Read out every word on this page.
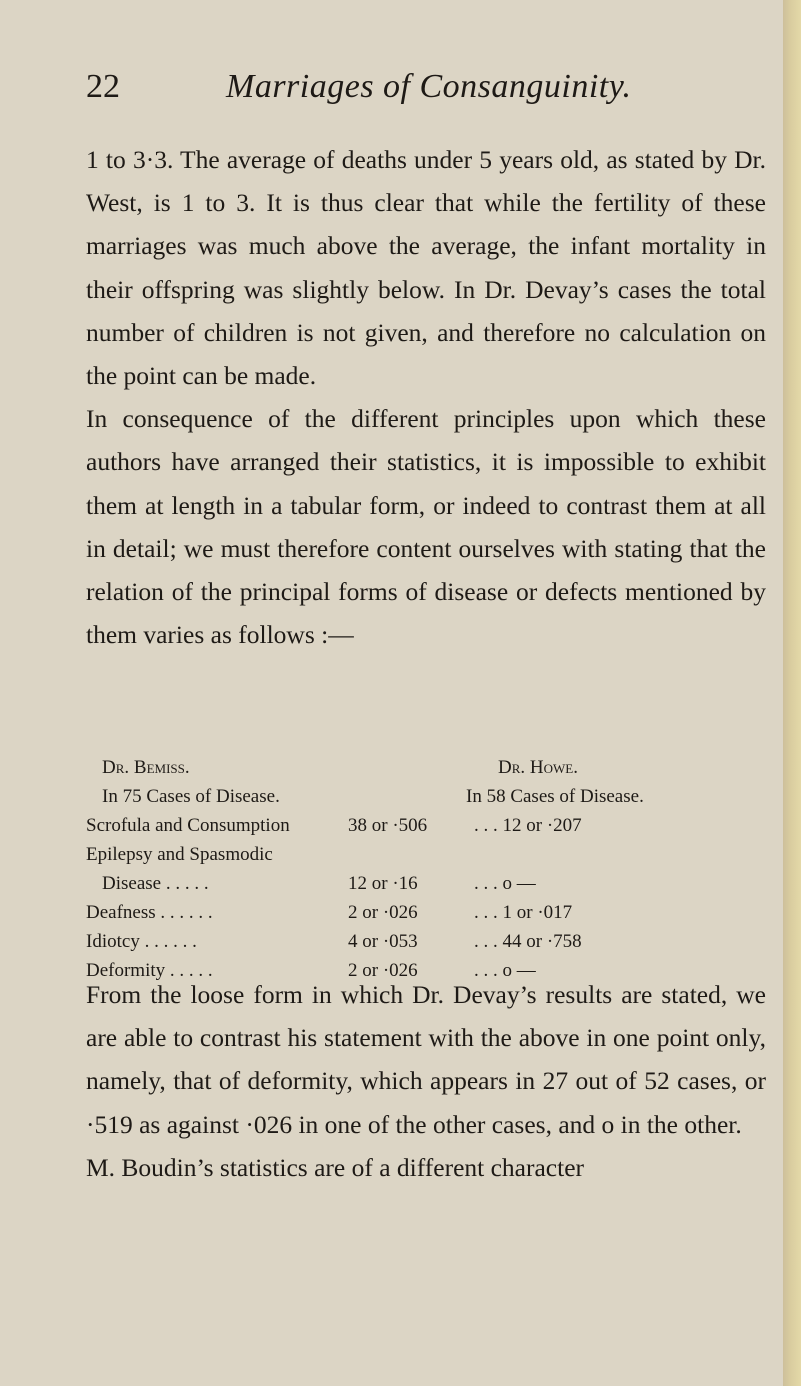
22	Marriages of Consanguinity.

1 to 3·3. The average of deaths under 5 years old, as stated by Dr. West, is 1 to 3. It is thus clear that while the fertility of these marriages was much above the average, the infant mortality in their offspring was slightly below. In Dr. Devay’s cases the total number of children is not given, and therefore no calculation on the point can be made.

In consequence of the different principles upon which these authors have arranged their statistics, it is impossible to exhibit them at length in a tabular form, or indeed to contrast them at all in detail; we must therefore content ourselves with stating that the relation of the principal forms of disease or defects mentioned by them varies as follows :—

Dr. Bemiss.	Dr. Howe.
In 75 Cases of Disease.	In 58 Cases of Disease.
Scrofula and Consumption	38 or ·506 . . . 12 or ·207
Epilepsy and Spasmodic
Disease . . . . .	12 or ·16	. . . o —
Deafness . . . . . .	2 or ·026	. . . 1 or ·017
Idiotcy . . . . . .	4 or ·053	. . . 44 or ·758
Deformity . . . . .	2 or ·026	. . . o —

From the loose form in which Dr. Devay’s results are stated, we are able to contrast his statement with the above in one point only, namely, that of deformity, which appears in 27 out of 52 cases, or ·519 as against ·026 in one of the other cases, and o in the other.

M. Boudin’s statistics are of a different character
